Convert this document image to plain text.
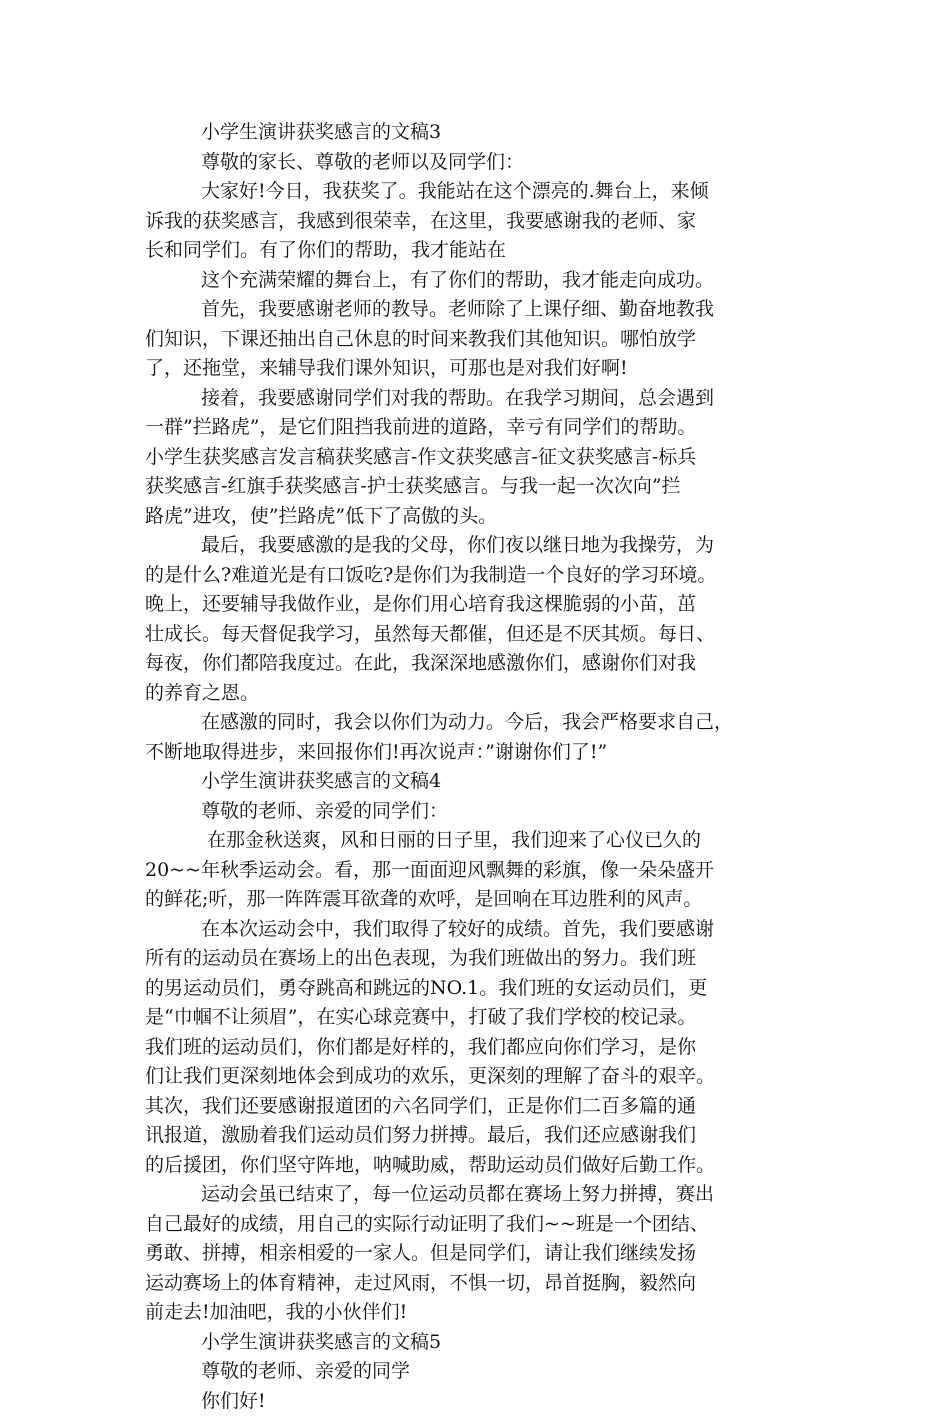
小学生演讲获奖感言的文稿3
尊敬的家长、尊敬的老师以及同学们：
大家好!今日，我获奖了。我能站在这个漂亮的.舞台上，来倾
诉我的获奖感言，我感到很荣幸，在这里，我要感谢我的老师、家
长和同学们。有了你们的帮助，我才能站在
这个充满荣耀的舞台上，有了你们的帮助，我才能走向成功。
首先，我要感谢老师的教导。老师除了上课仔细、勤奋地教我
们知识，下课还抽出自己休息的时间来教我们其他知识。哪怕放学
了，还拖堂，来辅导我们课外知识，可那也是对我们好啊!
接着，我要感谢同学们对我的帮助。在我学习期间，总会遇到
一群”拦路虎”，是它们阻挡我前进的道路，幸亏有同学们的帮助。
小学生获奖感言发言稿获奖感言-作文获奖感言-征文获奖感言-标兵
获奖感言-红旗手获奖感言-护士获奖感言。与我一起一次次向”拦
路虎”进攻，使”拦路虎”低下了高傲的头。
最后，我要感激的是我的父母，你们夜以继日地为我操劳，为
的是什么?难道光是有口饭吃?是你们为我制造一个良好的学习环境。
晚上，还要辅导我做作业，是你们用心培育我这棵脆弱的小苗，茁
壮成长。每天督促我学习，虽然每天都催，但还是不厌其烦。每日、
每夜，你们都陪我度过。在此，我深深地感激你们，感谢你们对我
的养育之恩。
在感激的同时，我会以你们为动力。今后，我会严格要求自己，
不断地取得进步，来回报你们!再次说声：”谢谢你们了!”
小学生演讲获奖感言的文稿4
尊敬的老师、亲爱的同学们：
在那金秋送爽，风和日丽的日子里，我们迎来了心仪已久的
20~~年秋季运动会。看，那一面面迎风飘舞的彩旗，像一朵朵盛开
的鲜花;听，那一阵阵震耳欲聋的欢呼，是回响在耳边胜利的风声。
在本次运动会中，我们取得了较好的成绩。首先，我们要感谢
所有的运动员在赛场上的出色表现，为我们班做出的努力。我们班
的男运动员们，勇夺跳高和跳远的NO.1。我们班的女运动员们，更
是“巾帼不让须眉”，在实心球竞赛中，打破了我们学校的校记录。
我们班的运动员们，你们都是好样的，我们都应向你们学习，是你
们让我们更深刻地体会到成功的欢乐，更深刻的理解了奋斗的艰辛。
其次，我们还要感谢报道团的六名同学们，正是你们二百多篇的通
讯报道，激励着我们运动员们努力拼搏。最后，我们还应感谢我们
的后援团，你们坚守阵地，呐喊助威，帮助运动员们做好后勤工作。
运动会虽已结束了，每一位运动员都在赛场上努力拼搏，赛出
自己最好的成绩，用自己的实际行动证明了我们~~班是一个团结、
勇敢、拼搏，相亲相爱的一家人。但是同学们，请让我们继续发扬
运动赛场上的体育精神，走过风雨，不惧一切，昂首挺胸，毅然向
前走去!加油吧，我的小伙伴们!
小学生演讲获奖感言的文稿5
尊敬的老师、亲爱的同学
你们好!
